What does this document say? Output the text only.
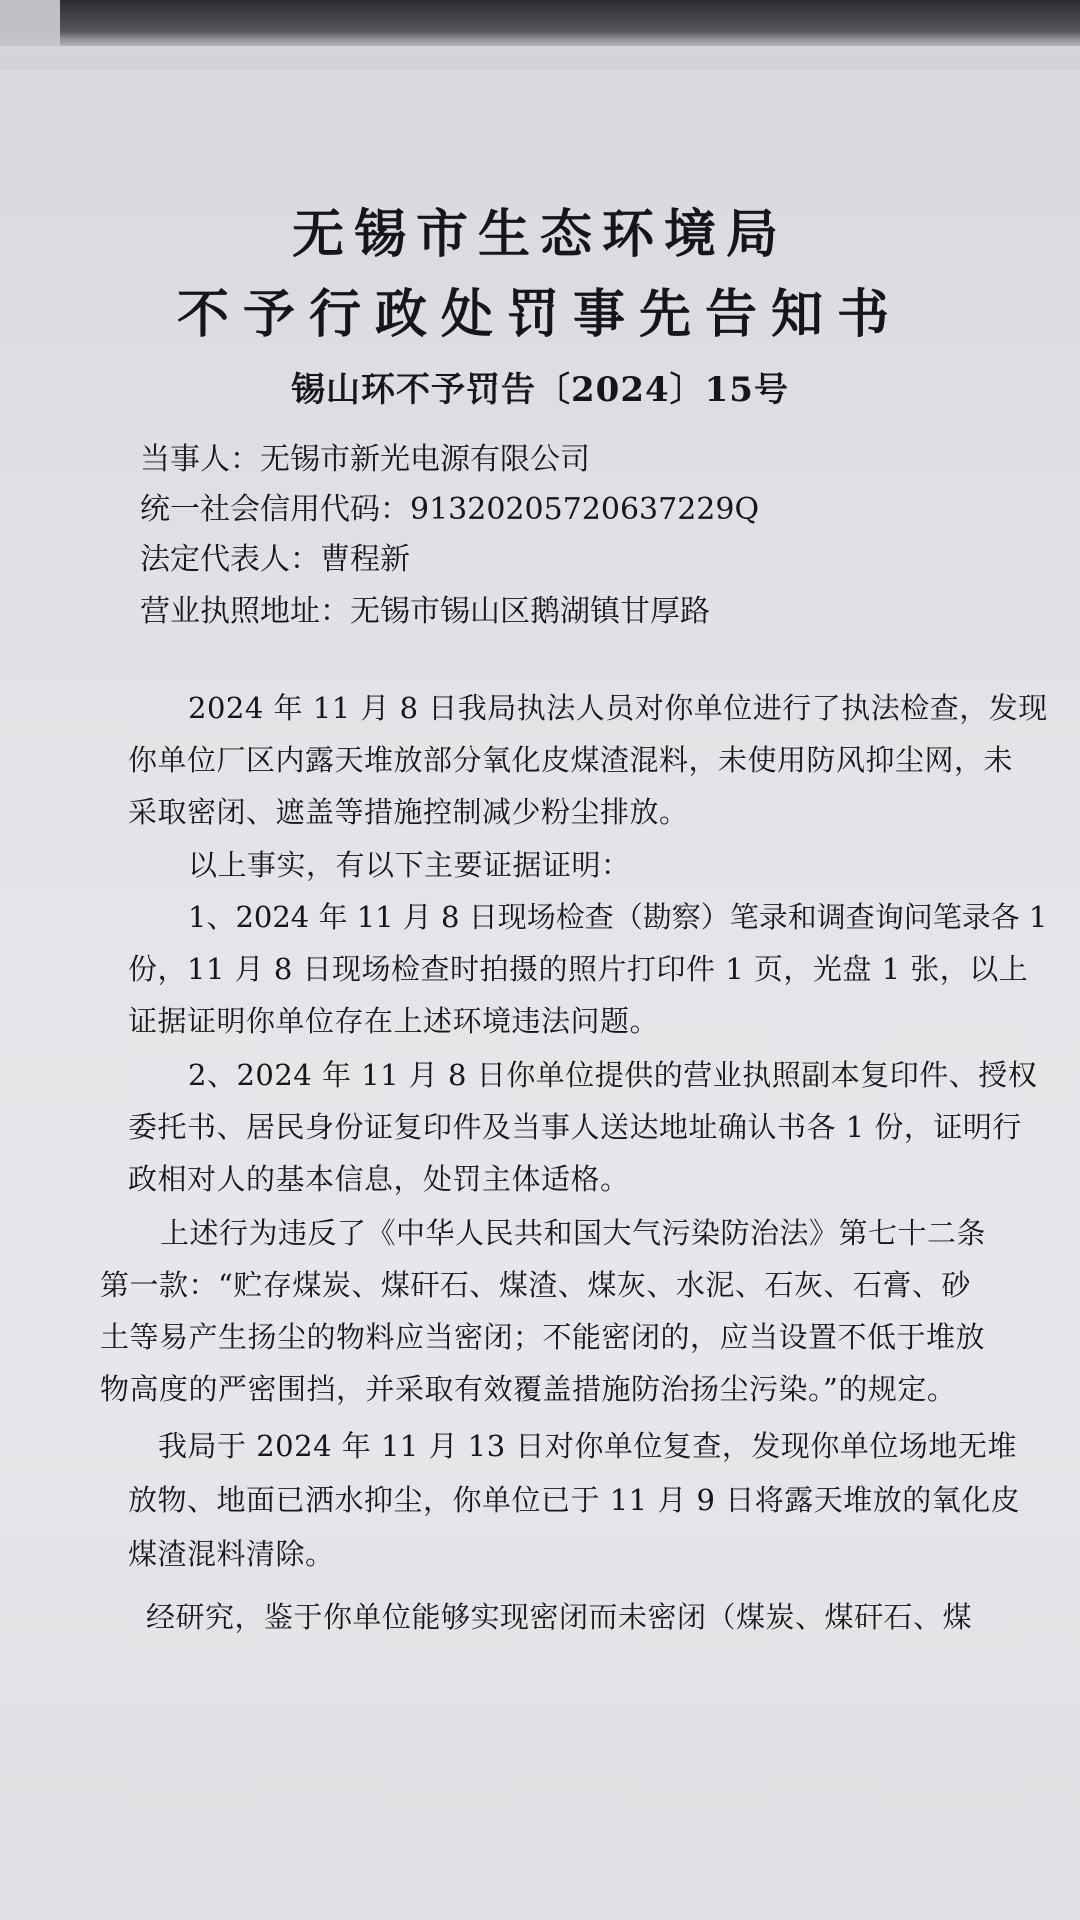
无锡市生态环境局
不予行政处罚事先告知书
锡山环不予罚告〔2024〕15号
当事人：无锡市新光电源有限公司
统一社会信用代码：91320205720637229Q
法定代表人：曹程新
营业执照地址：无锡市锡山区鹅湖镇甘厚路
2024 年 11 月 8 日我局执法人员对你单位进行了执法检查，发现
你单位厂区内露天堆放部分氧化皮煤渣混料，未使用防风抑尘网，未
采取密闭、遮盖等措施控制减少粉尘排放。
以上事实，有以下主要证据证明：
1、2024 年 11 月 8 日现场检查（勘察）笔录和调查询问笔录各 1
份，11 月 8 日现场检查时拍摄的照片打印件 1 页，光盘 1 张，以上
证据证明你单位存在上述环境违法问题。
2、2024 年 11 月 8 日你单位提供的营业执照副本复印件、授权
委托书、居民身份证复印件及当事人送达地址确认书各 1 份，证明行
政相对人的基本信息，处罚主体适格。
上述行为违反了《中华人民共和国大气污染防治法》第七十二条
第一款：“贮存煤炭、煤矸石、煤渣、煤灰、水泥、石灰、石膏、砂
土等易产生扬尘的物料应当密闭；不能密闭的，应当设置不低于堆放
物高度的严密围挡，并采取有效覆盖措施防治扬尘污染。”的规定。
我局于 2024 年 11 月 13 日对你单位复查，发现你单位场地无堆
放物、地面已洒水抑尘，你单位已于 11 月 9 日将露天堆放的氧化皮
煤渣混料清除。
经研究，鉴于你单位能够实现密闭而未密闭（煤炭、煤矸石、煤
